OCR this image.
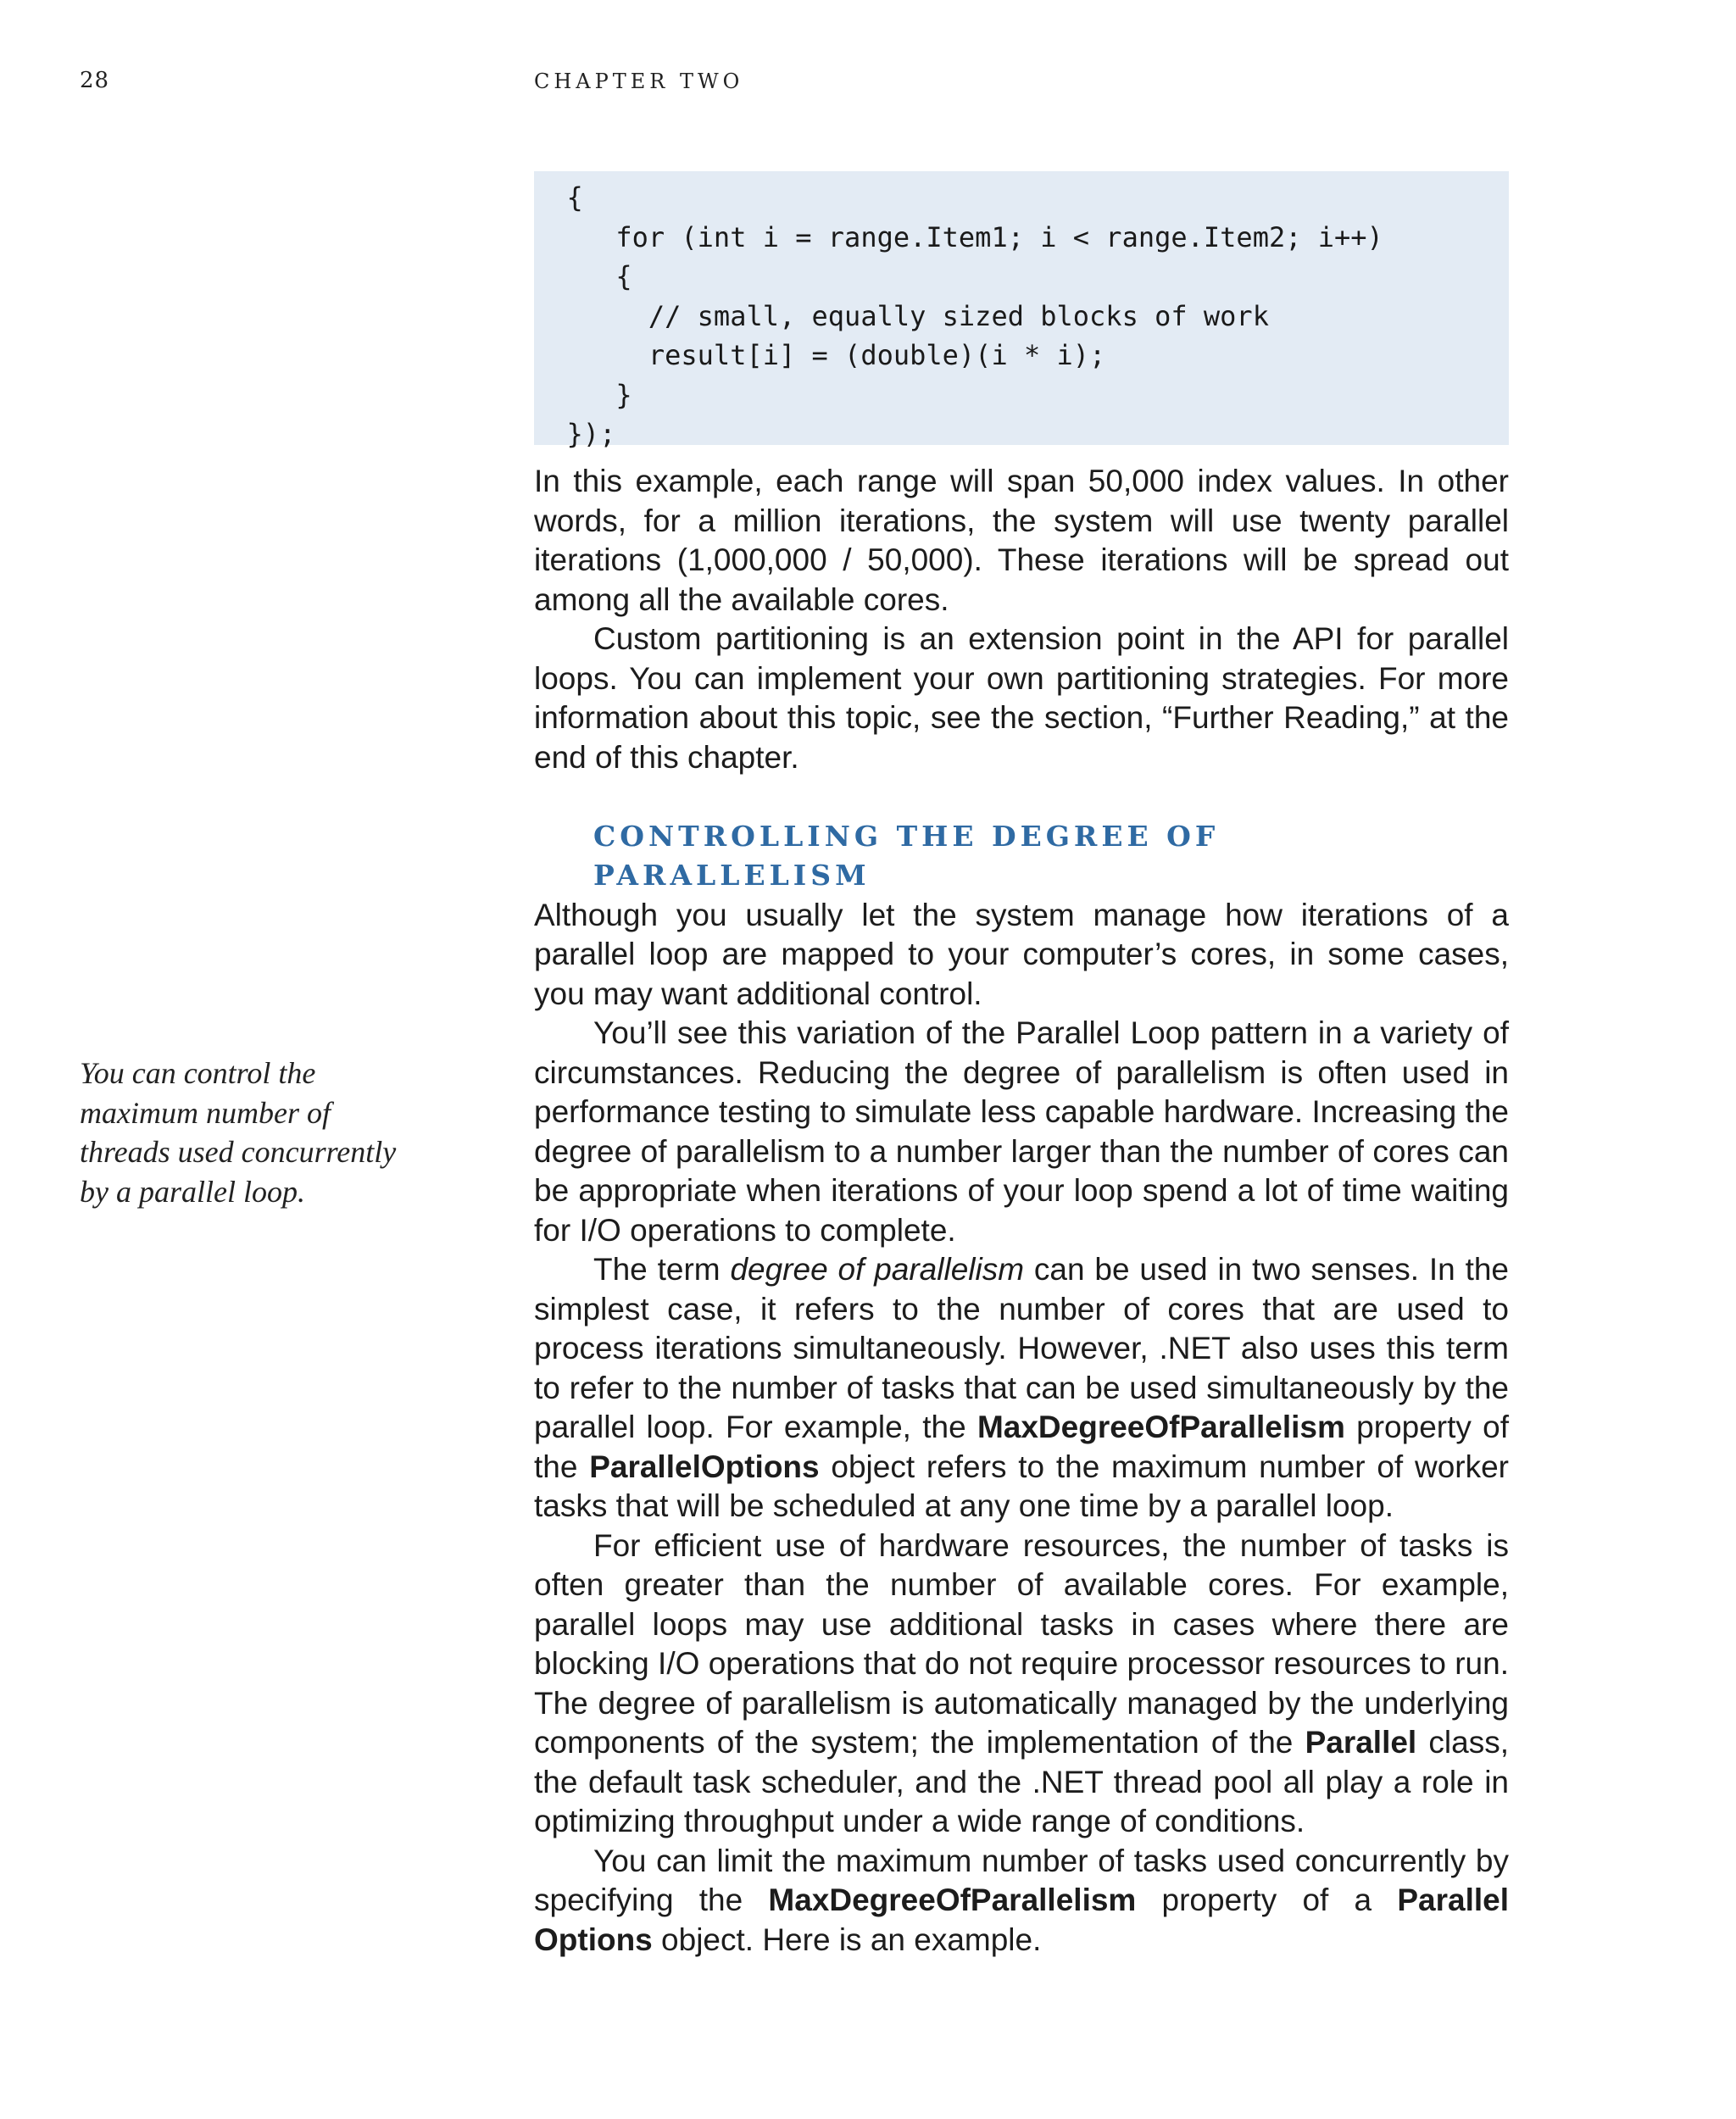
28	CHAPTER TWO
{
for (int i = range.Item1; i < range.Item2; i++)
{
// small, equally sized blocks of work
result[i] = (double)(i * i);
}
});

In this example, each range will span 50,000 index values. In other words, for a million iterations, the system will use twenty parallel iterations (1,000,000 / 50,000). These iterations will be spread out among all the available cores.

Custom partitioning is an extension point in the API for parallel loops. You can implement your own partitioning strategies. For more information about this topic, see the section, “Further Reading,” at the end of this chapter.

CONTROLLING THE DEGREE OF PARALLELISM

Although you usually let the system manage how iterations of a parallel loop are mapped to your computer’s cores, in some cases, you may want additional control.

You’ll see this variation of the Parallel Loop pattern in a variety of circumstances. Reducing the degree of parallelism is often used in performance testing to simulate less capable hardware. Increasing the degree of parallelism to a number larger than the number of cores can be appropriate when iterations of your loop spend a lot of time waiting for I/O operations to complete.

The term degree of parallelism can be used in two senses. In the simplest case, it refers to the number of cores that are used to process iterations simultaneously. However, .NET also uses this term to refer to the number of tasks that can be used simultaneously by the parallel loop. For example, the MaxDegreeOfParallelism property of the ParallelOptions object refers to the maximum number of worker tasks that will be scheduled at any one time by a parallel loop.

For efficient use of hardware resources, the number of tasks is often greater than the number of available cores. For example, parallel loops may use additional tasks in cases where there are blocking I/O operations that do not require processor resources to run. The degree of parallelism is automatically managed by the underlying components of the system; the implementation of the Parallel class, the default task scheduler, and the .NET thread pool all play a role in optimizing throughput under a wide range of conditions.

You can limit the maximum number of tasks used concurrently by specifying the MaxDegreeOfParallelism property of a Parallel Options object. Here is an example.

You can control the
maximum number of
threads used concurrently
by a parallel loop.
